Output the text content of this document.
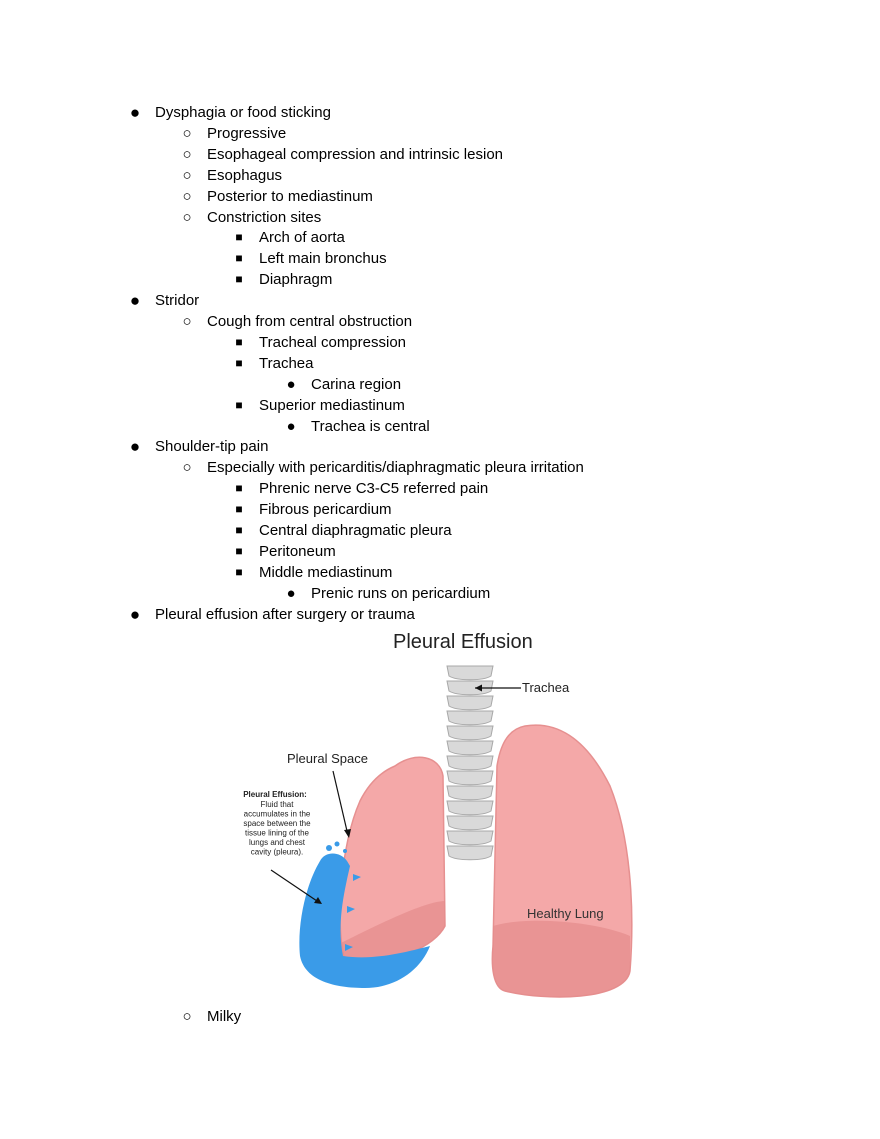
● Dysphagia or food sticking
○	Progressive
○	Esophageal compression and intrinsic lesion
○	Esophagus
○	Posterior to mediastinum
○	Constriction sites
■	Arch of aorta
■	Left main bronchus
■	Diaphragm
● Stridor
○	Cough from central obstruction
■	Tracheal compression
■	Trachea
●	Carina region
■	Superior mediastinum
●	Trachea is central
● Shoulder-tip pain
○	Especially with pericarditis/diaphragmatic pleura irritation
■	Phrenic nerve C3-C5 referred pain
■	Fibrous pericardium
■	Central diaphragmatic pleura
■	Peritoneum
■	Middle mediastinum
●	Prenic runs on pericardium
● Pleural effusion after surgery or trauma
○	Milky
Pleural Effusion
Trachea
Pleural Space
Pleural Effusion:
Fluid that
accumulates in the
space between the
tissue lining of the
lungs and chest
cavity (pleura).
Healthy Lung
